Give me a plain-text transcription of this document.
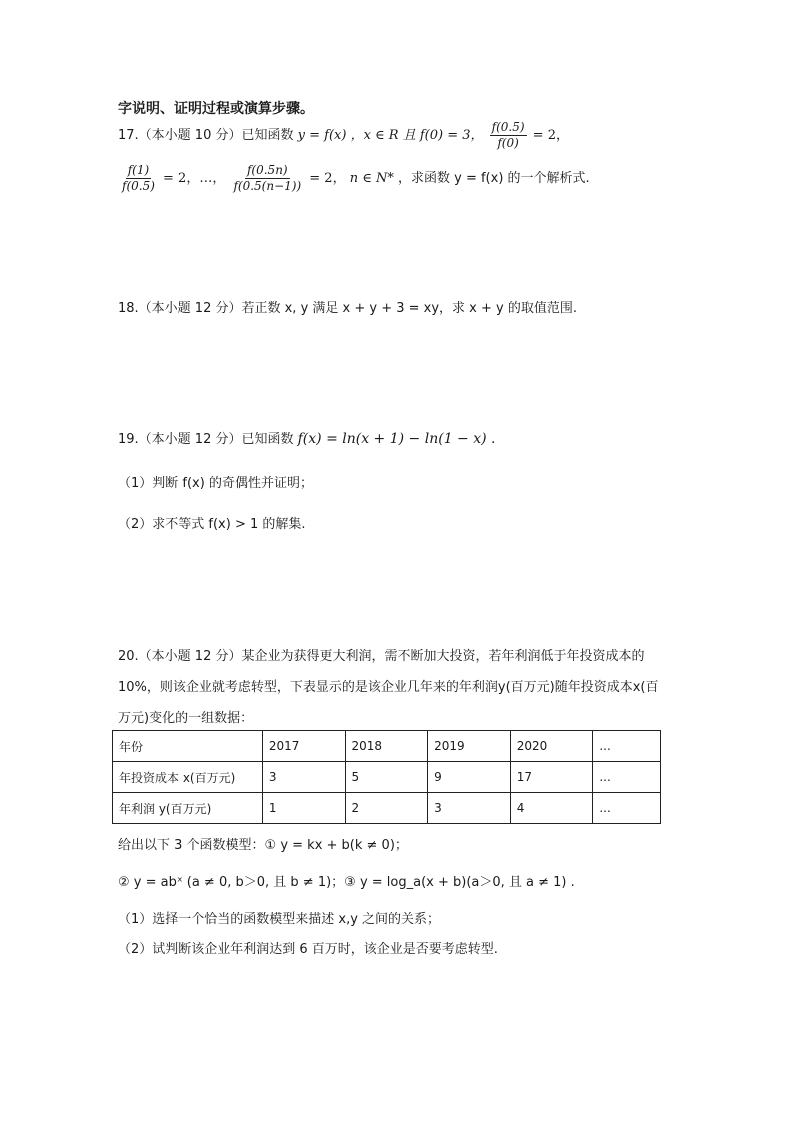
字说明、证明过程或演算步骤。
17.（本小题 10 分）已知函数 y = f(x) ，x ∈ R 且 f(0) = 3， $\frac{f(0.5)}{f(0)} = 2$，
$\frac{f(1)}{f(0.5)} = 2$，…， $\frac{f(0.5n)}{f(0.5(n-1))} = 2$， n ∈ N* ，求函数 y = f(x) 的一个解析式.
18.（本小题 12 分）若正数 x, y 满足 x + y + 3 = xy，求 x + y 的取值范围.
19.（本小题 12 分）已知函数 f(x) = ln(x + 1) − ln(1 − x) .
（1）判断 f(x) 的奇偶性并证明；
（2）求不等式 f(x) > 1 的解集.
20.（本小题 12 分）某企业为获得更大利润，需不断加大投资，若年利润低于年投资成本的
10%，则该企业就考虑转型，下表显示的是该企业几年来的年利润y(百万元)随年投资成本x(百
万元)变化的一组数据：
年份	2017	2018	2019	2020	...
年投资成本 x(百万元)	3	5	9	17	...
年利润 y(百万元)	1	2	3	4	...
给出以下 3 个函数模型：① y = kx + b(k ≠ 0)；
② y = abˣ (a ≠ 0, b＞0, 且 b ≠ 1)；③ y = log_a(x + b)(a＞0, 且 a ≠ 1) .
（1）选择一个恰当的函数模型来描述 x,y 之间的关系；
（2）试判断该企业年利润达到 6 百万时，该企业是否要考虑转型.
